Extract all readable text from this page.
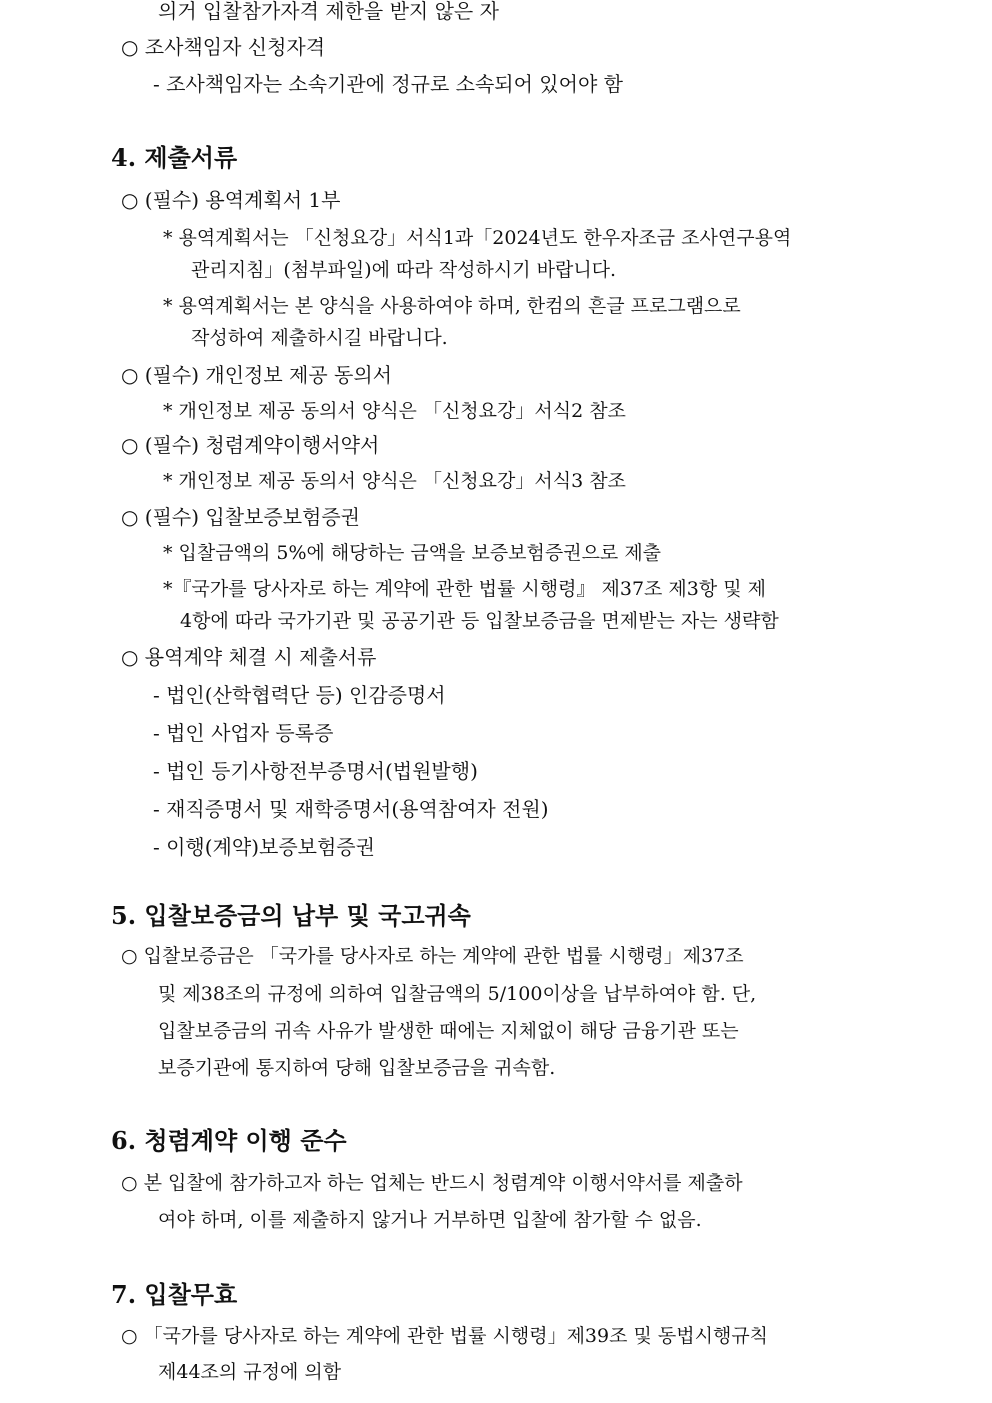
의거 입찰참가자격 제한을 받지 않은 자
○ 조사책임자 신청자격
- 조사책임자는 소속기관에 정규로 소속되어 있어야 함
4. 제출서류
○ (필수) 용역계획서 1부
* 용역계획서는 「신청요강」서식1과「2024년도 한우자조금 조사연구용역
관리지침」(첨부파일)에 따라 작성하시기 바랍니다.
* 용역계획서는 본 양식을 사용하여야 하며, 한컴의 흔글 프로그램으로
작성하여 제출하시길 바랍니다.
○ (필수) 개인정보 제공 동의서
* 개인정보 제공 동의서 양식은 「신청요강」서식2 참조
○ (필수) 청렴계약이행서약서
* 개인정보 제공 동의서 양식은 「신청요강」서식3 참조
○ (필수) 입찰보증보험증권
* 입찰금액의 5%에 해당하는 금액을 보증보험증권으로 제출
*『국가를 당사자로 하는 계약에 관한 법률 시행령』 제37조 제3항 및 제
4항에 따라 국가기관 및 공공기관 등 입찰보증금을 면제받는 자는 생략함
○ 용역계약 체결 시 제출서류
- 법인(산학협력단 등) 인감증명서
- 법인 사업자 등록증
- 법인 등기사항전부증명서(법원발행)
- 재직증명서 및 재학증명서(용역참여자 전원)
- 이행(계약)보증보험증권
5. 입찰보증금의 납부 및 국고귀속
○ 입찰보증금은 「국가를 당사자로 하는 계약에 관한 법률 시행령」제37조
및 제38조의 규정에 의하여 입찰금액의 5/100이상을 납부하여야 함. 단,
입찰보증금의 귀속 사유가 발생한 때에는 지체없이 해당 금융기관 또는
보증기관에 통지하여 당해 입찰보증금을 귀속함.
6. 청렴계약 이행 준수
○ 본 입찰에 참가하고자 하는 업체는 반드시 청렴계약 이행서약서를 제출하
여야 하며, 이를 제출하지 않거나 거부하면 입찰에 참가할 수 없음.
7. 입찰무효
○ 「국가를 당사자로 하는 계약에 관한 법률 시행령」제39조 및 동법시행규칙
제44조의 규정에 의함
